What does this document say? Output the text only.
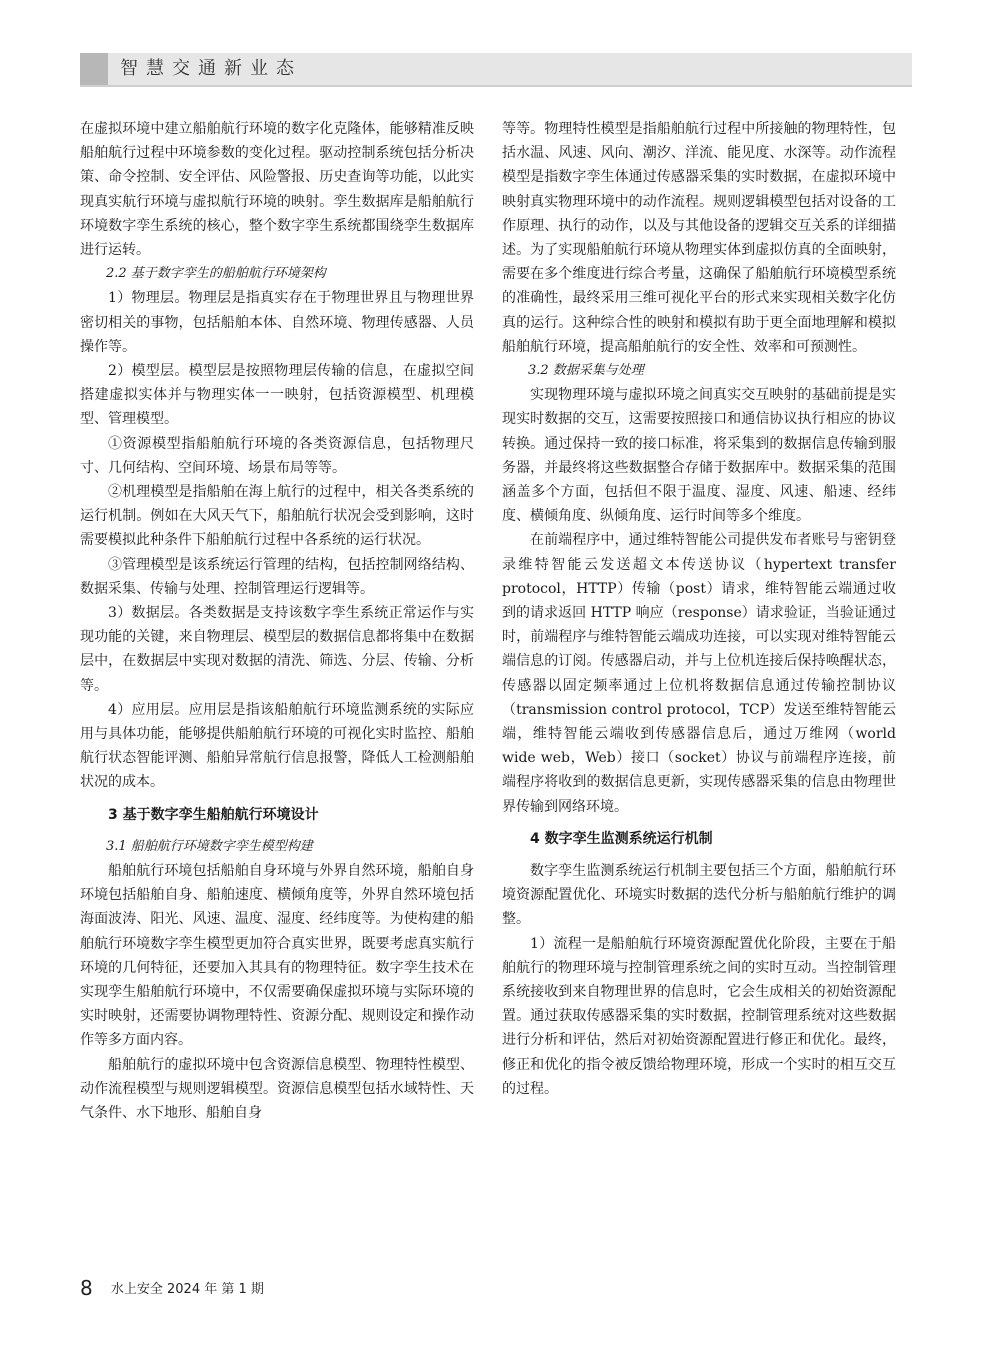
智慧交通新业态

在虚拟环境中建立船舶航行环境的数字化克隆体，能够精准反映船舶航行过程中环境参数的变化过程。驱动控制系统包括分析决策、命令控制、安全评估、风险警报、历史查询等功能，以此实现真实航行环境与虚拟航行环境的映射。孪生数据库是船舶航行环境数字孪生系统的核心，整个数字孪生系统都围绕孪生数据库进行运转。

2.2 基于数字孪生的船舶航行环境架构

1）物理层。物理层是指真实存在于物理世界且与物理世界密切相关的事物，包括船舶本体、自然环境、物理传感器、人员操作等。

2）模型层。模型层是按照物理层传输的信息，在虚拟空间搭建虚拟实体并与物理实体一一映射，包括资源模型、机理模型、管理模型。

①资源模型指船舶航行环境的各类资源信息，包括物理尺寸、几何结构、空间环境、场景布局等等。

②机理模型是指船舶在海上航行的过程中，相关各类系统的运行机制。例如在大风天气下，船舶航行状况会受到影响，这时需要模拟此种条件下船舶航行过程中各系统的运行状况。

③管理模型是该系统运行管理的结构，包括控制网络结构、数据采集、传输与处理、控制管理运行逻辑等。

3）数据层。各类数据是支持该数字孪生系统正常运作与实现功能的关键，来自物理层、模型层的数据信息都将集中在数据层中，在数据层中实现对数据的清洗、筛选、分层、传输、分析等。

4）应用层。应用层是指该船舶航行环境监测系统的实际应用与具体功能，能够提供船舶航行环境的可视化实时监控、船舶航行状态智能评测、船舶异常航行信息报警，降低人工检测船舶状况的成本。

3 基于数字孪生船舶航行环境设计
3.1 船舶航行环境数字孪生模型构建

船舶航行环境包括船舶自身环境与外界自然环境，船舶自身环境包括船舶自身、船舶速度、横倾角度等，外界自然环境包括海面波涛、阳光、风速、温度、湿度、经纬度等。为使构建的船舶航行环境数字孪生模型更加符合真实世界，既要考虑真实航行环境的几何特征，还要加入其具有的物理特征。数字孪生技术在实现孪生船舶航行环境中，不仅需要确保虚拟环境与实际环境的实时映射，还需要协调物理特性、资源分配、规则设定和操作动作等多方面内容。

船舶航行的虚拟环境中包含资源信息模型、物理特性模型、动作流程模型与规则逻辑模型。资源信息模型包括水域特性、天气条件、水下地形、船舶自身

等等。物理特性模型是指船舶航行过程中所接触的物理特性，包括水温、风速、风向、潮汐、洋流、能见度、水深等。动作流程模型是指数字孪生体通过传感器采集的实时数据，在虚拟环境中映射真实物理环境中的动作流程。规则逻辑模型包括对设备的工作原理、执行的动作，以及与其他设备的逻辑交互关系的详细描述。为了实现船舶航行环境从物理实体到虚拟仿真的全面映射，需要在多个维度进行综合考量，这确保了船舶航行环境模型系统的准确性，最终采用三维可视化平台的形式来实现相关数字化仿真的运行。这种综合性的映射和模拟有助于更全面地理解和模拟船舶航行环境，提高船舶航行的安全性、效率和可预测性。

3.2 数据采集与处理

实现物理环境与虚拟环境之间真实交互映射的基础前提是实现实时数据的交互，这需要按照接口和通信协议执行相应的协议转换。通过保持一致的接口标准，将采集到的数据信息传输到服务器，并最终将这些数据整合存储于数据库中。数据采集的范围涵盖多个方面，包括但不限于温度、湿度、风速、船速、经纬度、横倾角度、纵倾角度、运行时间等多个维度。

在前端程序中，通过维特智能公司提供发布者账号与密钥登录维特智能云发送超文本传送协议（hypertext transfer protocol，HTTP）传输（post）请求，维特智能云端通过收到的请求返回 HTTP 响应（response）请求验证，当验证通过时，前端程序与维特智能云端成功连接，可以实现对维特智能云端信息的订阅。传感器启动，并与上位机连接后保持唤醒状态，传感器以固定频率通过上位机将数据信息通过传输控制协议（transmission control protocol，TCP）发送至维特智能云端，维特智能云端收到传感器信息后，通过万维网（world wide web，Web）接口（socket）协议与前端程序连接，前端程序将收到的数据信息更新，实现传感器采集的信息由物理世界传输到网络环境。

4 数字孪生监测系统运行机制

数字孪生监测系统运行机制主要包括三个方面，船舶航行环境资源配置优化、环境实时数据的迭代分析与船舶航行维护的调整。

1）流程一是船舶航行环境资源配置优化阶段，主要在于船舶航行的物理环境与控制管理系统之间的实时互动。当控制管理系统接收到来自物理世界的信息时，它会生成相关的初始资源配置。通过获取传感器采集的实时数据，控制管理系统对这些数据进行分析和评估，然后对初始资源配置进行修正和优化。最终，修正和优化的指令被反馈给物理环境，形成一个实时的相互交互的过程。

8 水上安全 2024 年 第 1 期
